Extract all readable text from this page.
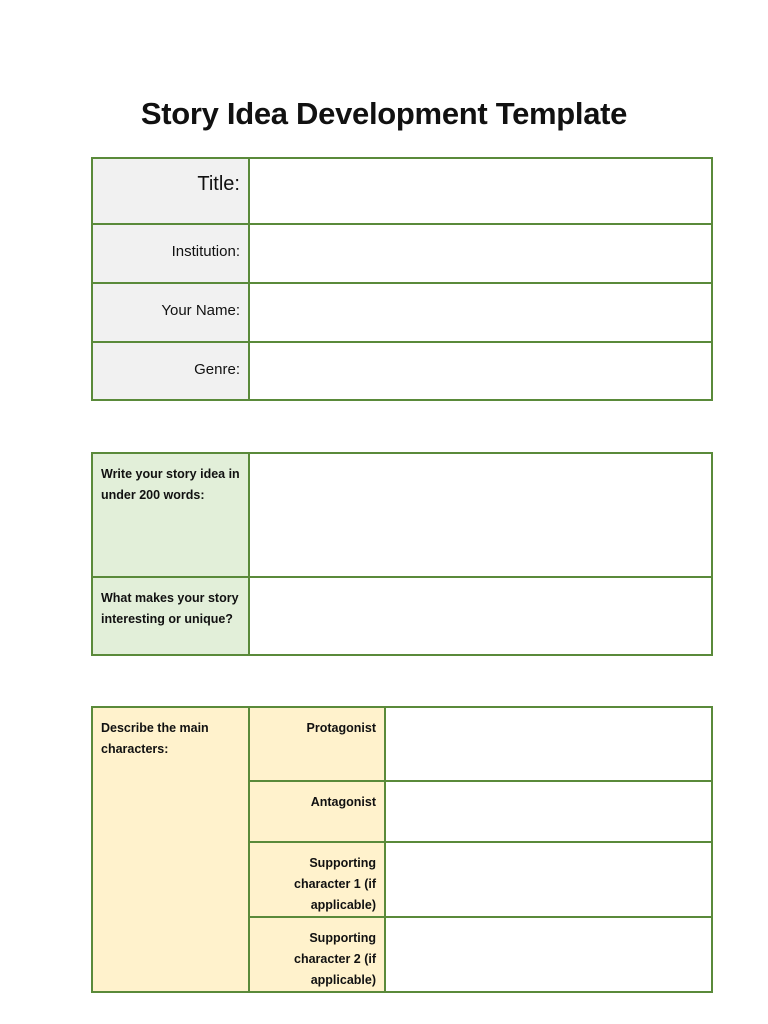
Story Idea Development Template
Title:	
Institution:	
Your Name:	
Genre:	
Write your story idea in under 200 words:	
What makes your story interesting or unique?	
Describe the main characters:	Protagonist	
	Antagonist	
	Supporting character 1 (if applicable)	
	Supporting character 2 (if applicable)	
